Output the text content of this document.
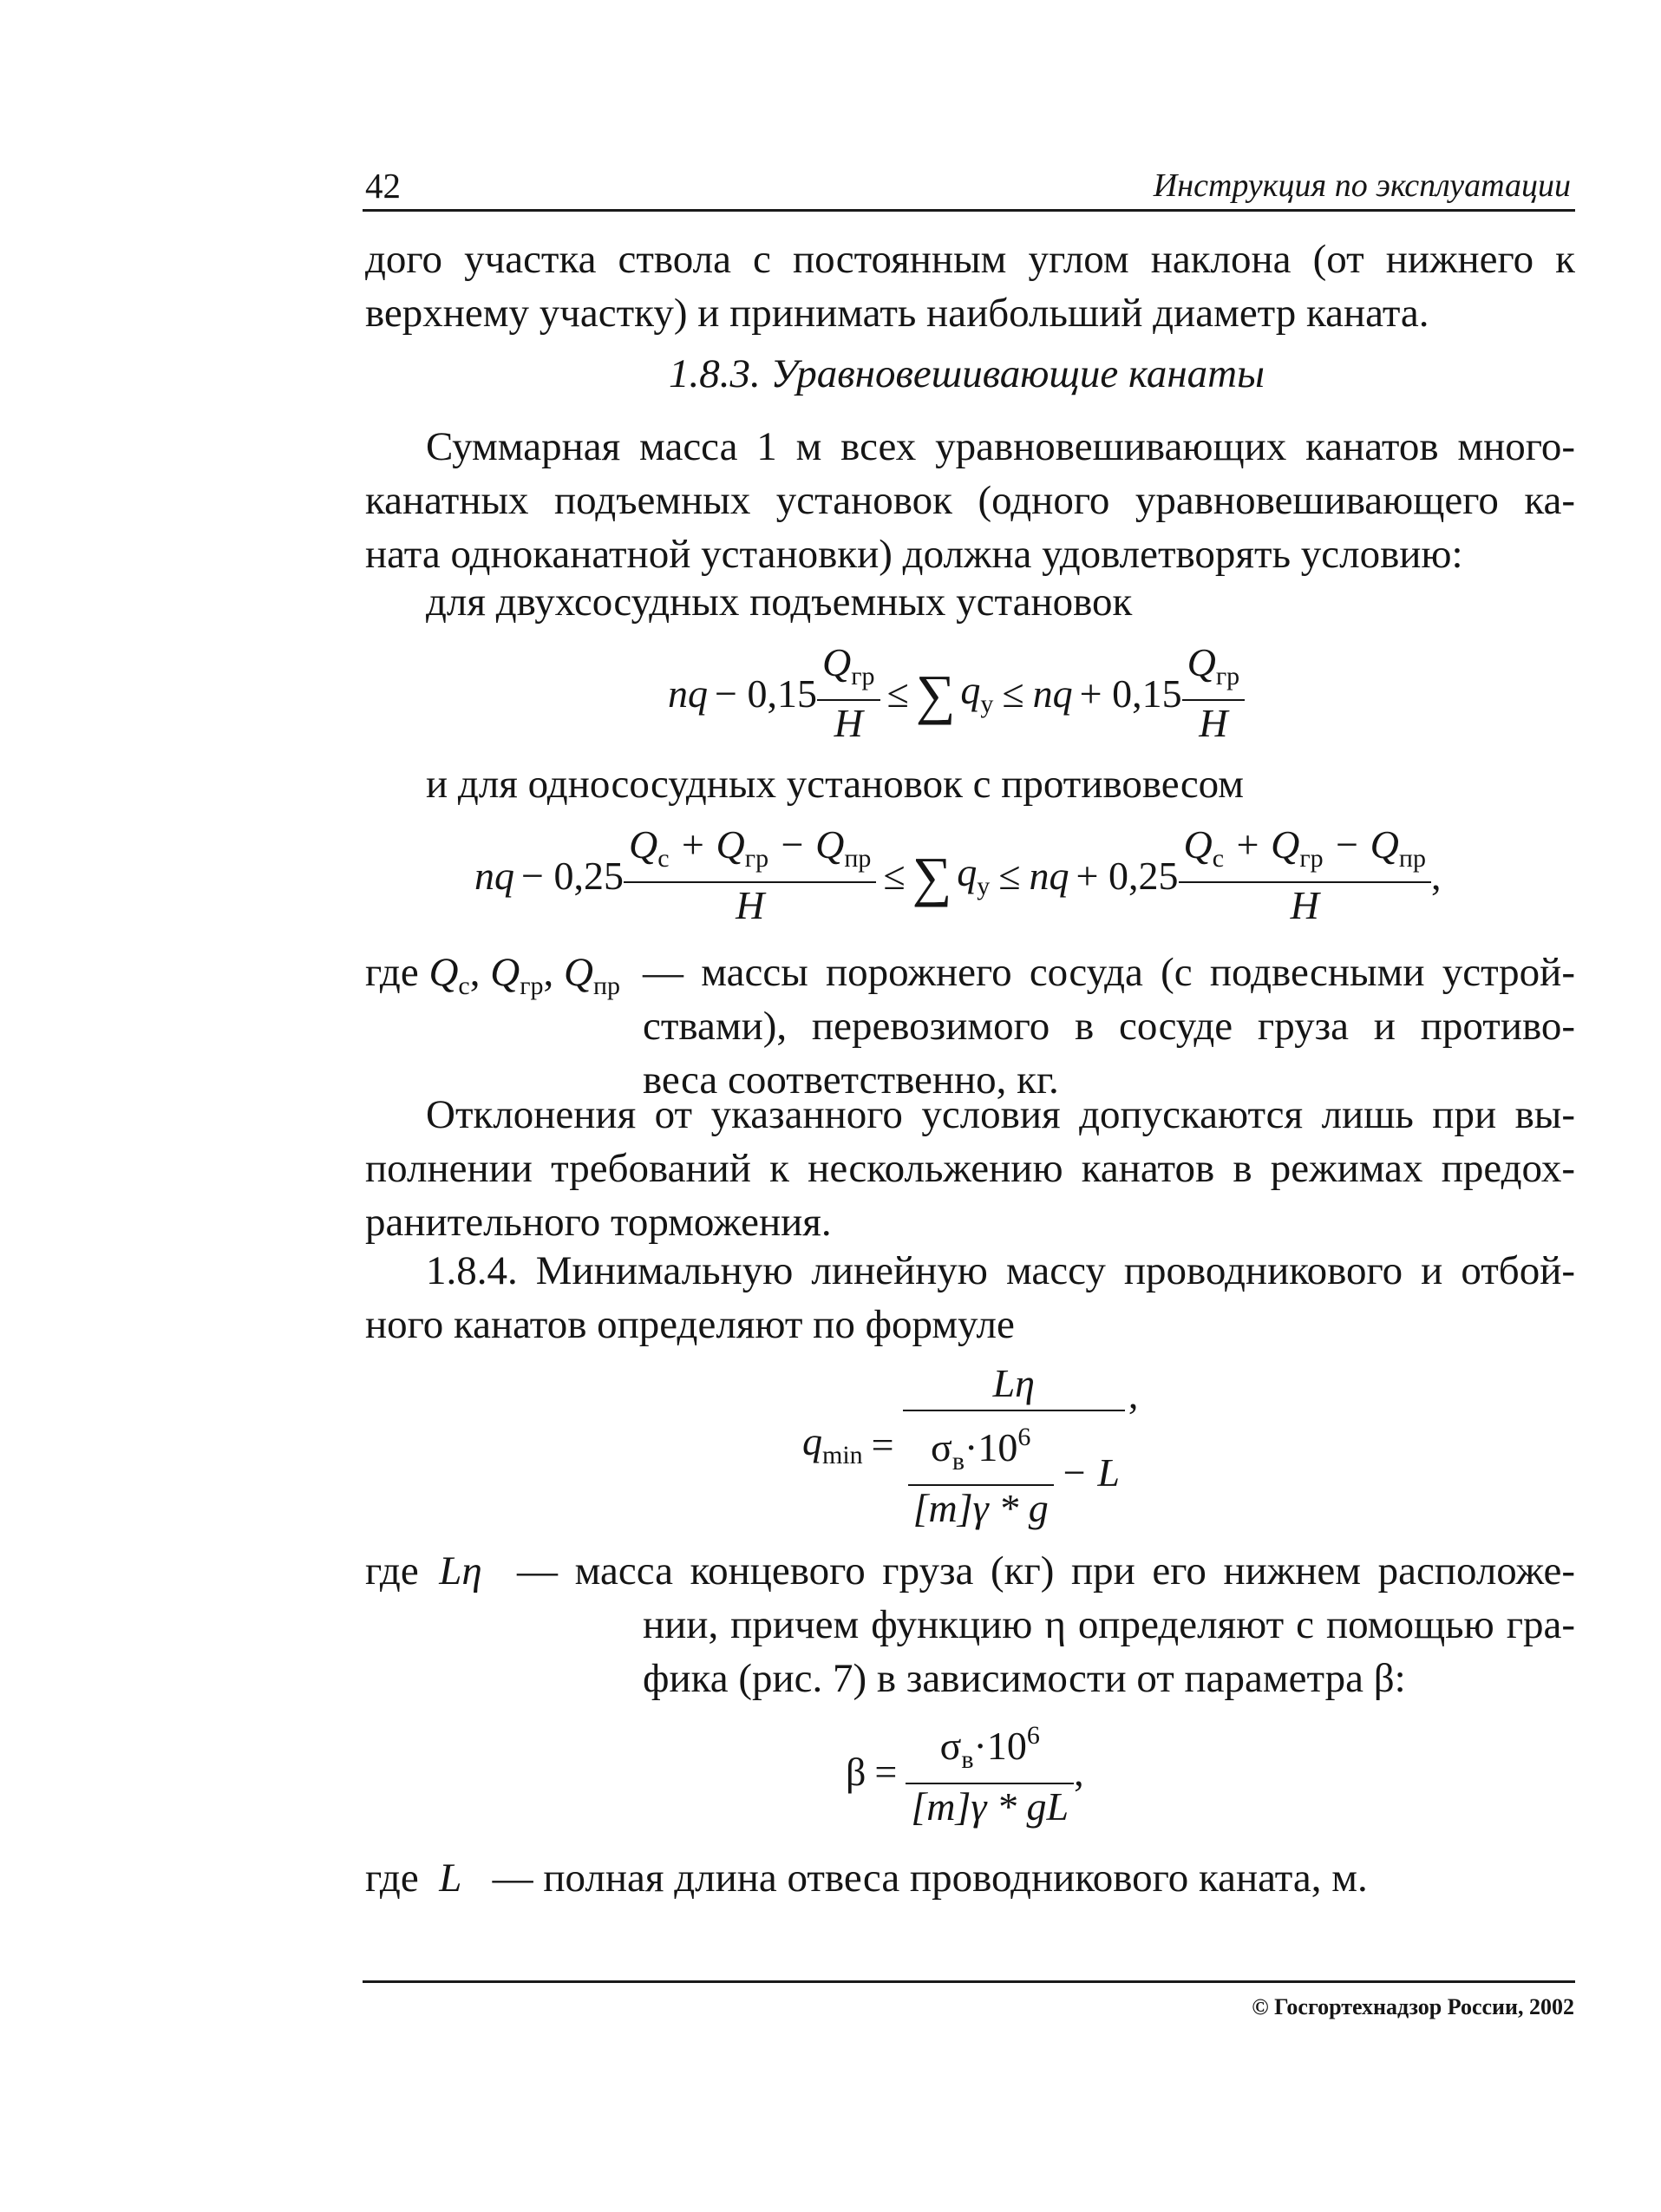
42	Инструкция по эксплуатации
дого участка ствола с постоянным углом наклона (от нижнего к
верхнему участку) и принимать наибольший диаметр каната.
1.8.3. Уравновешивающие канаты
Суммарная масса 1 м всех уравновешивающих канатов много-
канатных подъемных установок (одного уравновешивающего ка-
ната одноканатной установки) должна удовлетворять условию:
для двухсосудных подъемных установок
nq − $0,15 \frac{Q_{гр}}{H}$ ≤ ∑ $q_у$ ≤ nq + $0,15 \frac{Q_{гр}}{H}$
и для однососудных установок с противовесом
nq − $0,25 \frac{Q_с + Q_{гр} - Q_{пр}}{H}$ ≤ ∑ $q_у$ ≤ nq + $0,25 \frac{Q_с + Q_{гр} - Q_{пр}}{H}$ ,
где $Q_с$, $Q_{гр}$, $Q_{пр}$ — массы порожнего сосуда (с подвесными устрой-
ствами), перевозимого в сосуде груза и противо-
веса соответственно, кг.
Отклонения от указанного условия допускаются лишь при вы-
полнении требований к нескольжению канатов в режимах предох-
ранительного торможения.
1.8.4. Минимальную линейную массу проводникового и отбой-
ного канатов определяют по формуле
$q_{min} = \frac{L\eta}{\frac{\sigma_в\cdot 10^6}{[m]\gamma * g} - L}$ ,
где Lη — масса концевого груза (кг) при его нижнем расположе-
нии, причем функцию η определяют с помощью гра-
фика (рис. 7) в зависимости от параметра β:
$\beta = \frac{\sigma_в\cdot 10^6}{[m]\gamma * gL}$ ,
где L — полная длина отвеса проводникового каната, м.
© Госгортехнадзор России, 2002
